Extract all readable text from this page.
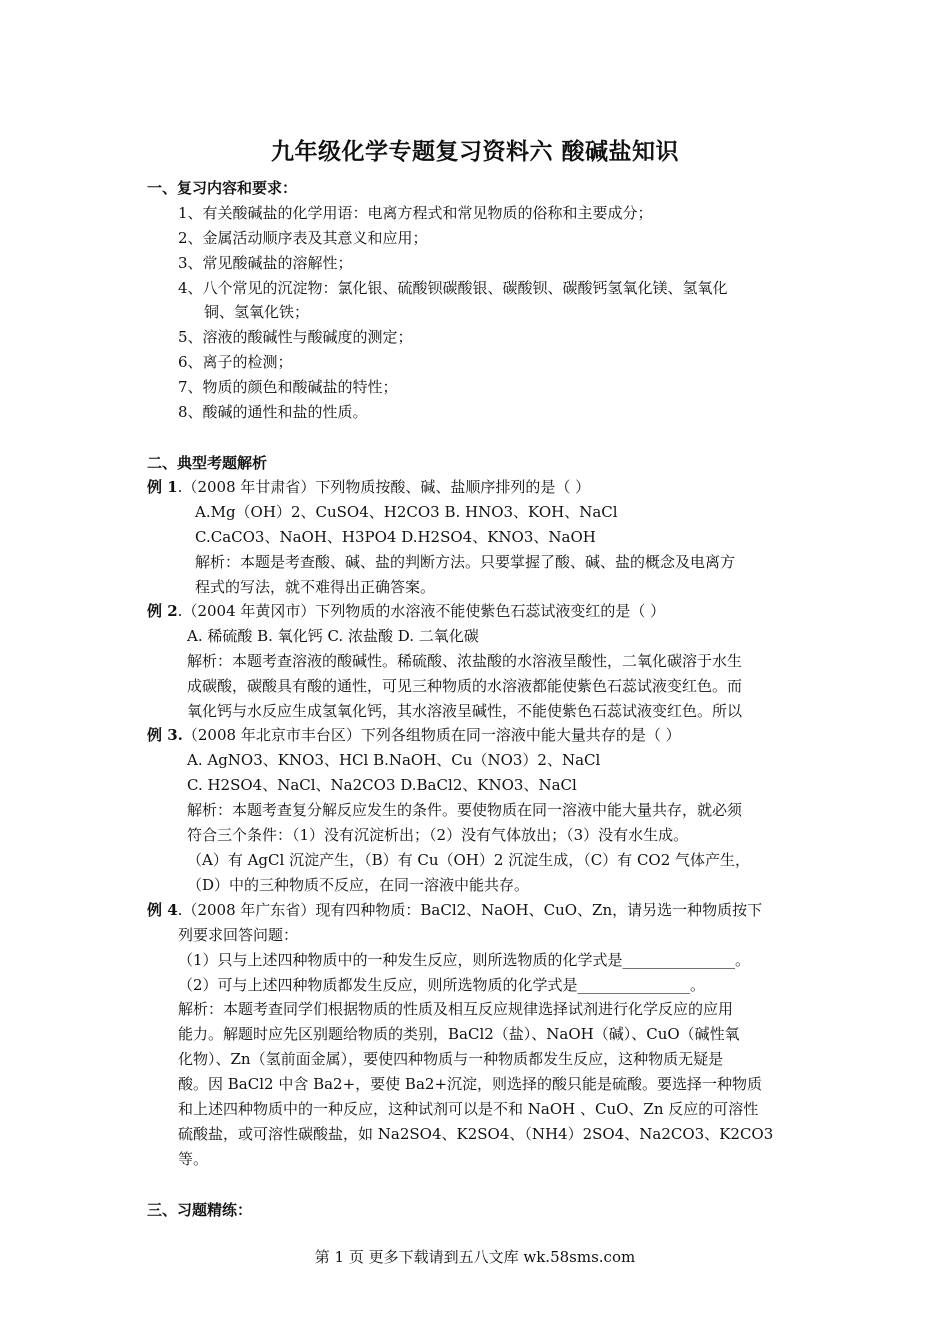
九年级化学专题复习资料六 酸碱盐知识
一、复习内容和要求：
1、有关酸碱盐的化学用语：电离方程式和常见物质的俗称和主要成分；
2、金属活动顺序表及其意义和应用；
3、常见酸碱盐的溶解性；
4、八个常见的沉淀物：氯化银、硫酸钡碳酸银、碳酸钡、碳酸钙氢氧化镁、氢氧化
铜、氢氧化铁；
5、溶液的酸碱性与酸碱度的测定；
6、离子的检测；
7、物质的颜色和酸碱盐的特性；
8、酸碱的通性和盐的性质。
二、典型考题解析
例 1.（2008 年甘肃省）下列物质按酸、碱、盐顺序排列的是（ ）
A.Mg（OH）2、CuSO4、H2CO3 B. HNO3、KOH、NaCl
C.CaCO3、NaOH、H3PO4 D.H2SO4、KNO3、NaOH
解析：本题是考查酸、碱、盐的判断方法。只要掌握了酸、碱、盐的概念及电离方
程式的写法，就不难得出正确答案。
例 2.（2004 年黄冈市）下列物质的水溶液不能使紫色石蕊试液变红的是（ ）
A. 稀硫酸 B. 氧化钙 C. 浓盐酸 D. 二氧化碳
解析：本题考查溶液的酸碱性。稀硫酸、浓盐酸的水溶液呈酸性，二氧化碳溶于水生
成碳酸，碳酸具有酸的通性，可见三种物质的水溶液都能使紫色石蕊试液变红色。而
氧化钙与水反应生成氢氧化钙，其水溶液呈碱性，不能使紫色石蕊试液变红色。所以
例 3.（2008 年北京市丰台区）下列各组物质在同一溶液中能大量共存的是（ ）
A. AgNO3、KNO3、HCl B.NaOH、Cu（NO3）2、NaCl
C. H2SO4、NaCl、Na2CO3 D.BaCl2、KNO3、NaCl
解析：本题考查复分解反应发生的条件。要使物质在同一溶液中能大量共存，就必须
符合三个条件：（1）没有沉淀析出；（2）没有气体放出；（3）没有水生成。
（A）有 AgCl 沉淀产生，（B）有 Cu（OH）2 沉淀生成，（C）有 CO2 气体产生，
（D）中的三种物质不反应，在同一溶液中能共存。
例 4.（2008 年广东省）现有四种物质：BaCl2、NaOH、CuO、Zn，请另选一种物质按下
列要求回答问题：
（1）只与上述四种物质中的一种发生反应，则所选物质的化学式是_______________。
（2）可与上述四种物质都发生反应，则所选物质的化学式是_______________。
解析：本题考查同学们根据物质的性质及相互反应规律选择试剂进行化学反应的应用
能力。解题时应先区别题给物质的类别，BaCl2（盐）、NaOH（碱）、CuO（碱性氧
化物）、Zn（氢前面金属），要使四种物质与一种物质都发生反应，这种物质无疑是
酸。因 BaCl2 中含 Ba2+，要使 Ba2+沉淀，则选择的酸只能是硫酸。要选择一种物质
和上述四种物质中的一种反应，这种试剂可以是不和 NaOH 、CuO、Zn 反应的可溶性
硫酸盐，或可溶性碳酸盐，如 Na2SO4、K2SO4、（NH4）2SO4、Na2CO3、K2CO3
等。
三、习题精练：
第 1 页 更多下载请到五八文库 wk.58sms.com
